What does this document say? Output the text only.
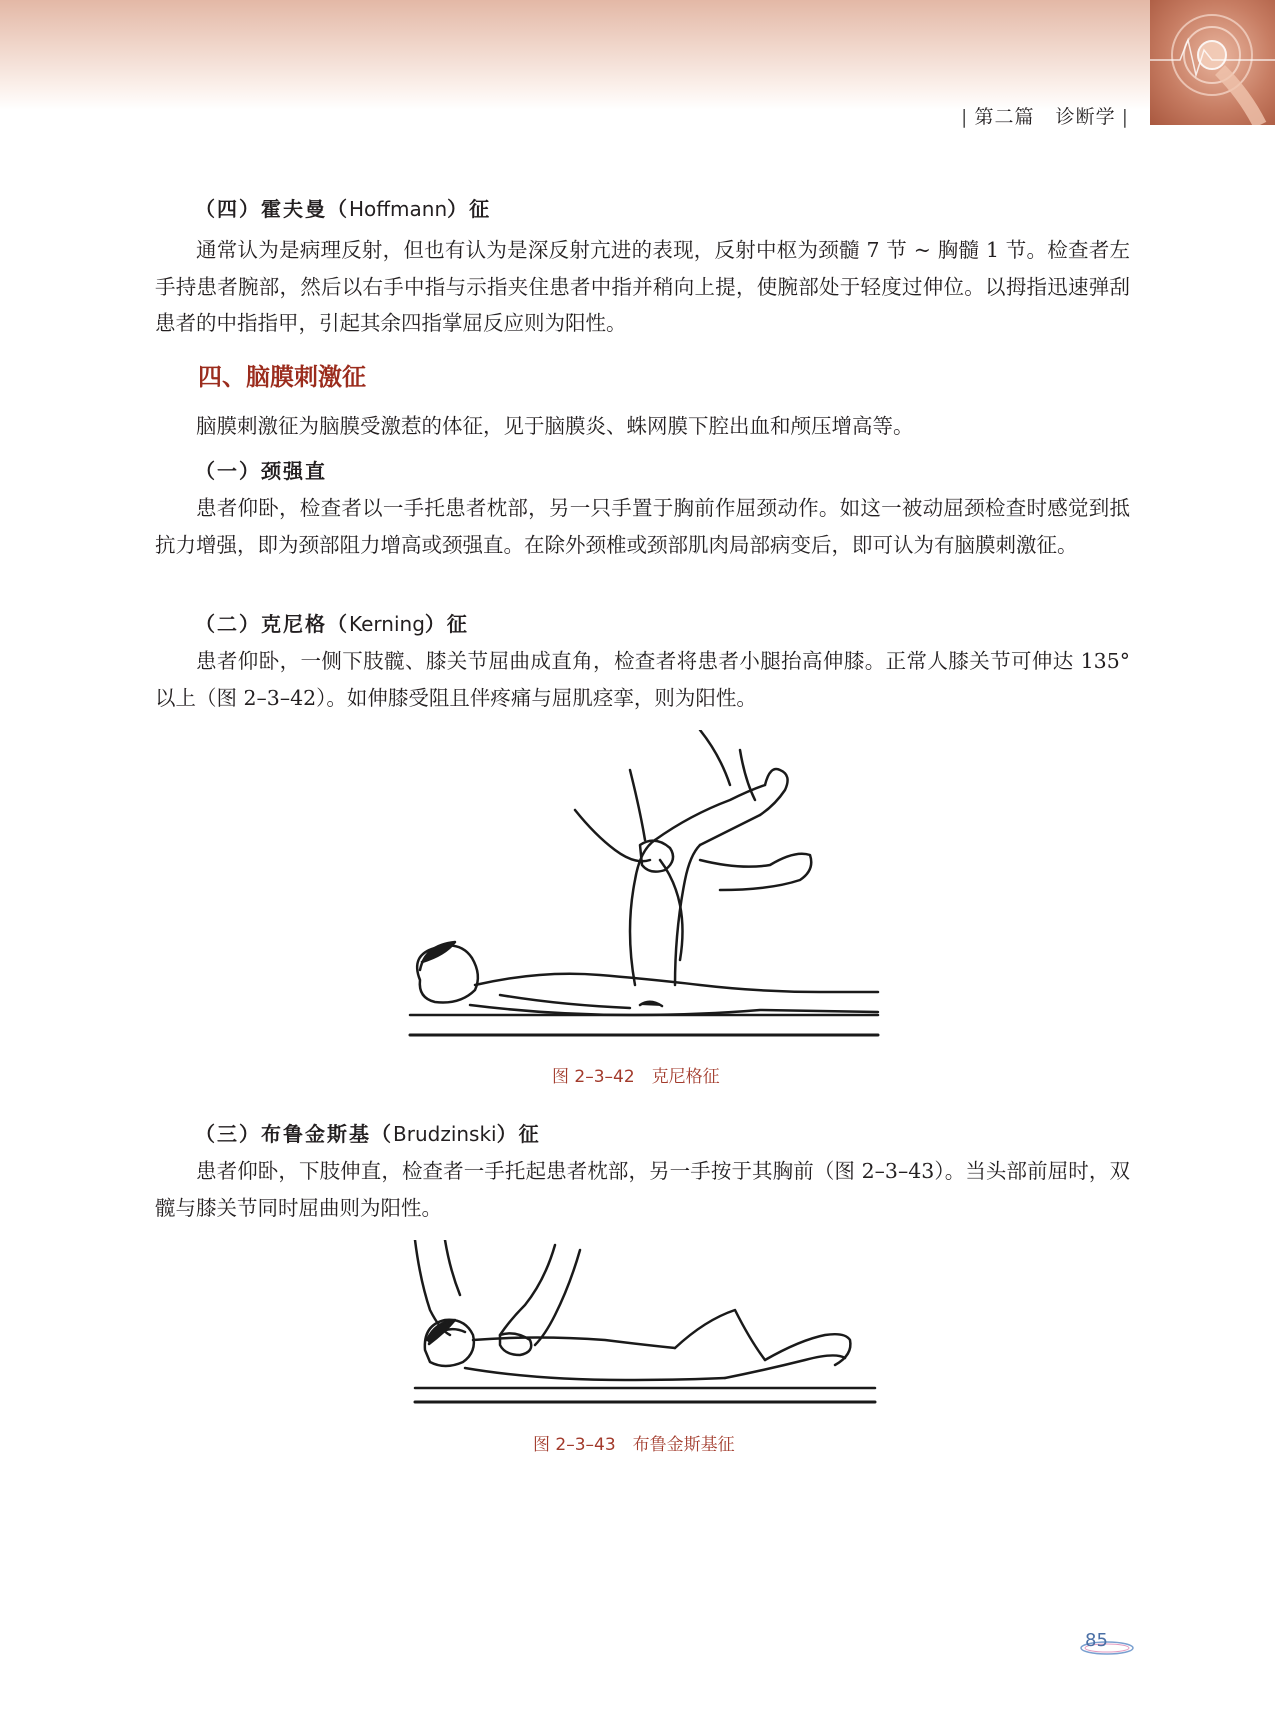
| 第二篇 诊断学 |
（四）霍夫曼（Hoffmann）征
通常认为是病理反射，但也有认为是深反射亢进的表现，反射中枢为颈髓 7 节 ~ 胸髓 1 节。检查者左手持患者腕部，然后以右手中指与示指夹住患者中指并稍向上提，使腕部处于轻度过伸位。以拇指迅速弹刮患者的中指指甲，引起其余四指掌屈反应则为阳性。
四、脑膜刺激征
脑膜刺激征为脑膜受激惹的体征，见于脑膜炎、蛛网膜下腔出血和颅压增高等。
（一）颈强直
患者仰卧，检查者以一手托患者枕部，另一只手置于胸前作屈颈动作。如这一被动屈颈检查时感觉到抵抗力增强，即为颈部阻力增高或颈强直。在除外颈椎或颈部肌肉局部病变后，即可认为有脑膜刺激征。
（二）克尼格（Kerning）征
患者仰卧，一侧下肢髋、膝关节屈曲成直角，检查者将患者小腿抬高伸膝。正常人膝关节可伸达 135° 以上（图 2–3–42）。如伸膝受阻且伴疼痛与屈肌痉挛，则为阳性。
图 2–3–42　克尼格征
（三）布鲁金斯基（Brudzinski）征
患者仰卧，下肢伸直，检查者一手托起患者枕部，另一手按于其胸前（图 2–3–43）。当头部前屈时，双髋与膝关节同时屈曲则为阳性。
图 2–3–43　布鲁金斯基征
85
